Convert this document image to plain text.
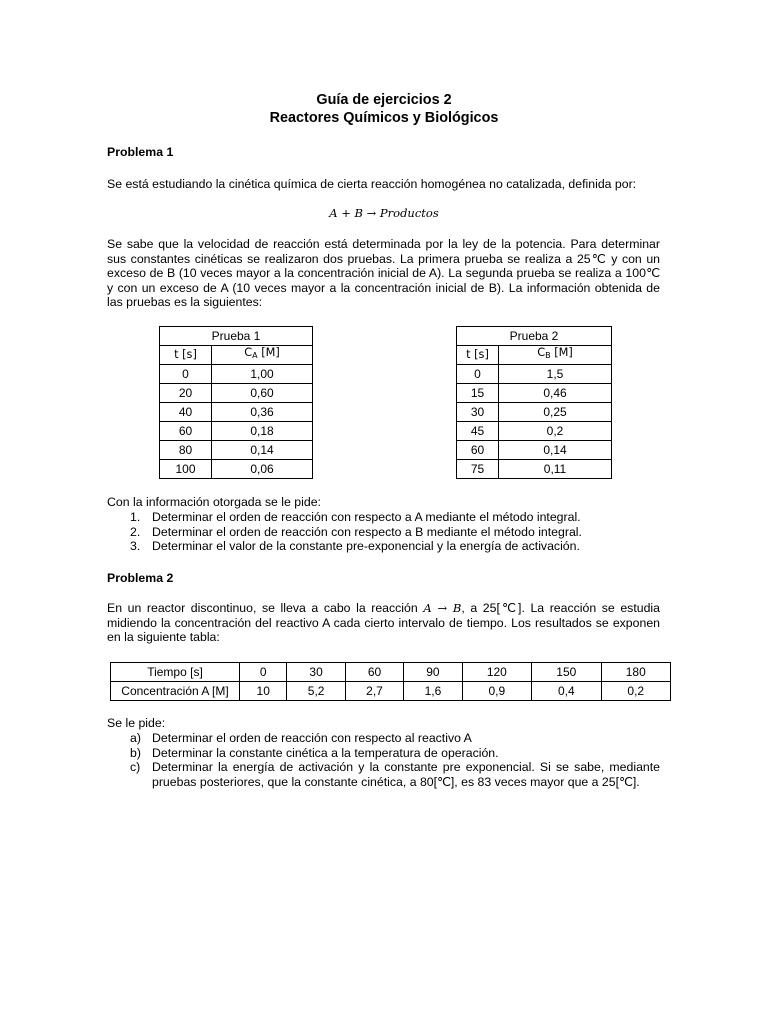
Guía de ejercicios 2
Reactores Químicos y Biológicos
Problema 1
Se está estudiando la cinética química de cierta reacción homogénea no catalizada, definida por:
A + B → Productos
Se sabe que la velocidad de reacción está determinada por la ley de la potencia. Para determinar sus constantes cinéticas se realizaron dos pruebas. La primera prueba se realiza a 25℃ y con un exceso de B (10 veces mayor a la concentración inicial de A). La segunda prueba se realiza a 100℃ y con un exceso de A (10 veces mayor a la concentración inicial de B). La información obtenida de las pruebas es la siguientes:
Prueba 1	
t [s]	$C_A$ [M]
0	1,00
20	0,60
40	0,36
60	0,18
80	0,14
100	0,06
Prueba 2	
t [s]	$C_B$ [M]
0	1,5
15	0,46
30	0,25
45	0,2
60	0,14
75	0,11
Con la información otorgada se le pide:
1. Determinar el orden de reacción con respecto a A mediante el método integral.
2. Determinar el orden de reacción con respecto a B mediante el método integral.
3. Determinar el valor de la constante pre-exponencial y la energía de activación.
Problema 2
En un reactor discontinuo, se lleva a cabo la reacción A → B, a 25[℃]. La reacción se estudia midiendo la concentración del reactivo A cada cierto intervalo de tiempo. Los resultados se exponen en la siguiente tabla:
Tiempo [s]	0	30	60	90	120	150	180
Concentración A [M]	10	5,2	2,7	1,6	0,9	0,4	0,2
Se le pide:
a) Determinar el orden de reacción con respecto al reactivo A
b) Determinar la constante cinética a la temperatura de operación.
c) Determinar la energía de activación y la constante pre exponencial. Si se sabe, mediante pruebas posteriores, que la constante cinética, a 80[℃], es 83 veces mayor que a 25[℃].
